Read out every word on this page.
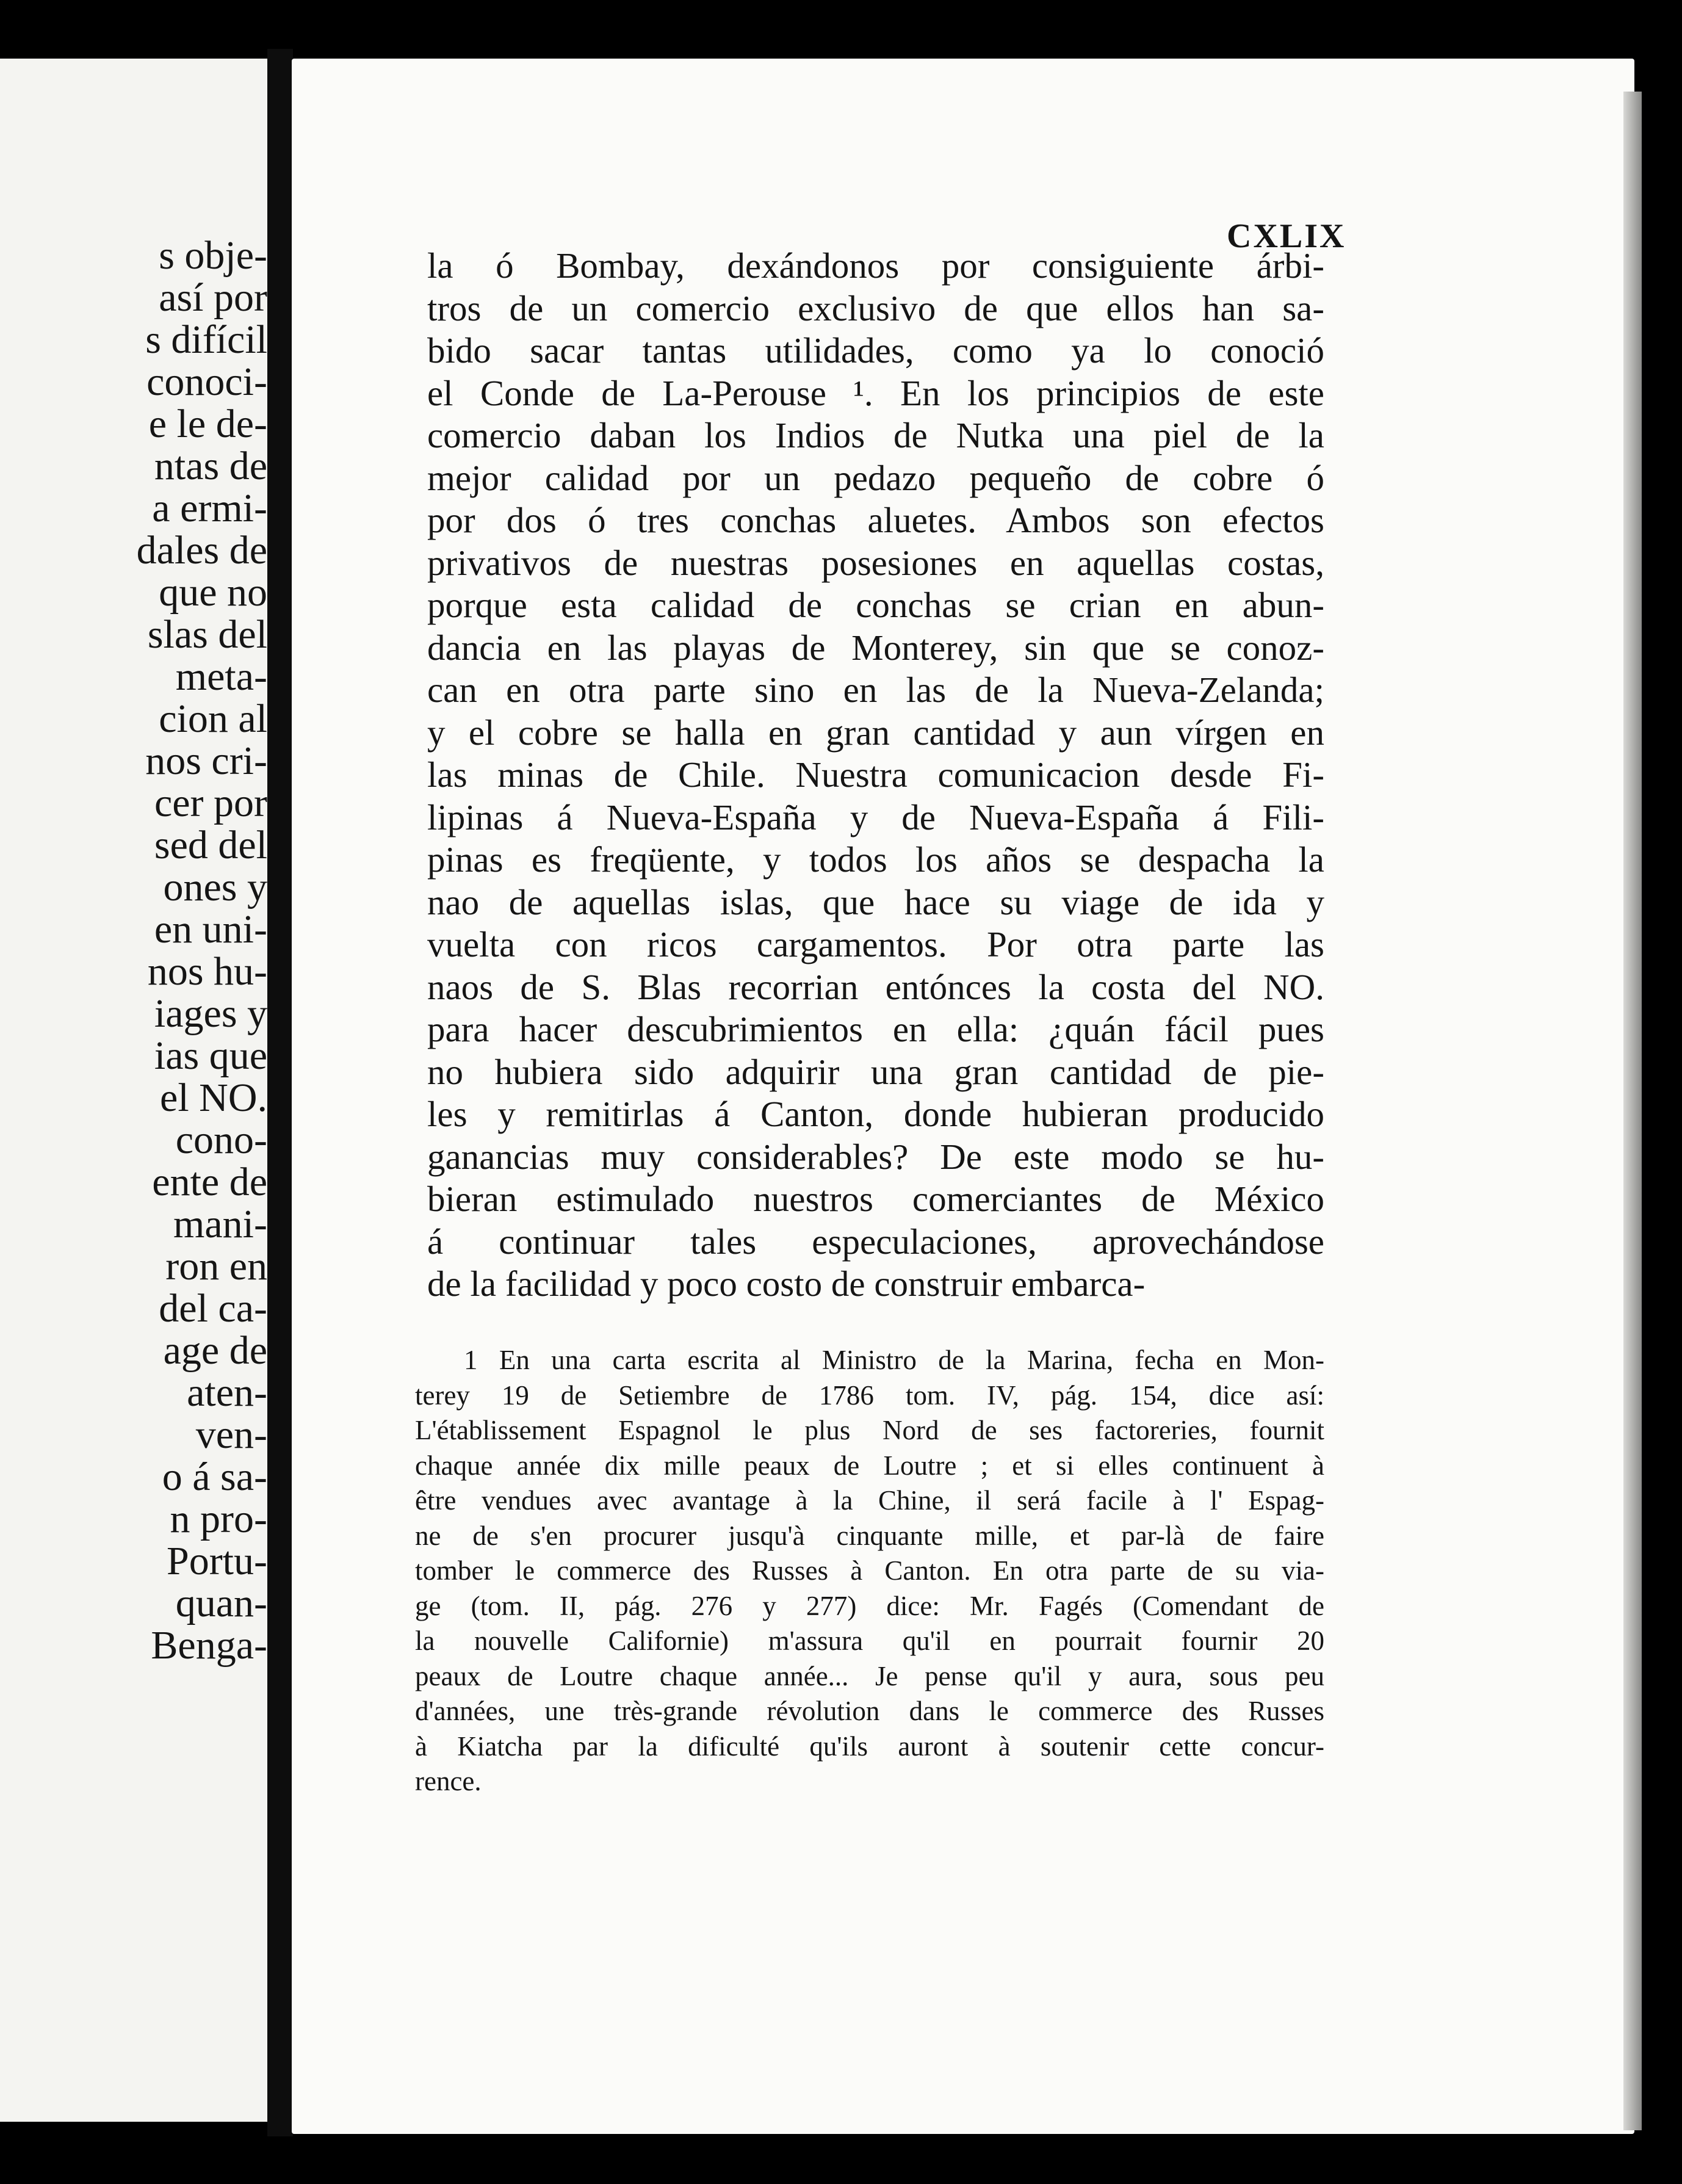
s obje-
así por
s difícil
conoci-
e le de-
ntas de
a ermi-
dales de
que no
slas del
meta-
cion al
nos cri-
cer por
sed del
ones y
en uni-
nos hu-
iages y
ias que
el NO.
cono-
ente de
mani-
ron en
del ca-
age de
aten-
ven-
o á sa-
n pro-
Portu-
quan-
Benga-
CXLIX
la ó Bombay, dexándonos por consiguiente árbi-
tros de un comercio exclusivo de que ellos han sa-
bido sacar tantas utilidades, como ya lo conoció
el Conde de La-Perouse ¹. En los principios de este
comercio daban los Indios de Nutka una piel de la
mejor calidad por un pedazo pequeño de cobre ó
por dos ó tres conchas aluetes. Ambos son efectos
privativos de nuestras posesiones en aquellas costas,
porque esta calidad de conchas se crian en abun-
dancia en las playas de Monterey, sin que se conoz-
can en otra parte sino en las de la Nueva-Zelanda;
y el cobre se halla en gran cantidad y aun vírgen en
las minas de Chile. Nuestra comunicacion desde Fi-
lipinas á Nueva-España y de Nueva-España á Fili-
pinas es freqüente, y todos los años se despacha la
nao de aquellas islas, que hace su viage de ida y
vuelta con ricos cargamentos. Por otra parte las
naos de S. Blas recorrian entónces la costa del NO.
para hacer descubrimientos en ella: ¿quán fácil pues
no hubiera sido adquirir una gran cantidad de pie-
les y remitirlas á Canton, donde hubieran producido
ganancias muy considerables? De este modo se hu-
bieran estimulado nuestros comerciantes de México
á continuar tales especulaciones, aprovechándose
de la facilidad y poco costo de construir embarca-
1 En una carta escrita al Ministro de la Marina, fecha en Mon-
terey 19 de Setiembre de 1786 tom. IV, pág. 154, dice así:
L'établissement Espagnol le plus Nord de ses factoreries, fournit
chaque année dix mille peaux de Loutre ; et si elles continuent à
être vendues avec avantage à la Chine, il será facile à l' Espag-
ne de s'en procurer jusqu'à cinquante mille, et par-là de faire
tomber le commerce des Russes à Canton. En otra parte de su via-
ge (tom. II, pág. 276 y 277) dice: Mr. Fagés (Comendant de
la nouvelle Californie) m'assura qu'il en pourrait fournir 20
peaux de Loutre chaque année... Je pense qu'il y aura, sous peu
d'années, une très-grande révolution dans le commerce des Russes
à Kiatcha par la dificulté qu'ils auront à soutenir cette concur-
rence.
